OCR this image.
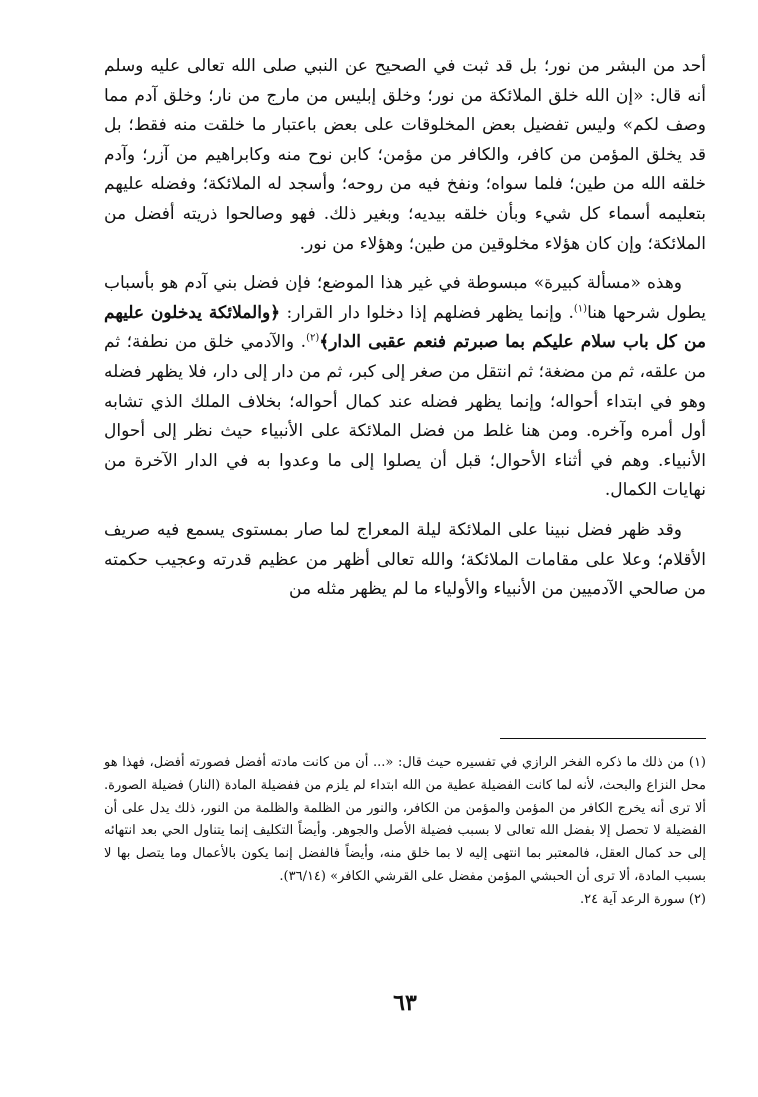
أحد من البشر من نور؛ بل قد ثبت في الصحيح عن النبي صلى الله تعالى عليه وسلم أنه قال: «إن الله خلق الملائكة من نور؛ وخلق إبليس من مارج من نار؛ وخلق آدم مما وصف لكم» وليس تفضيل بعض المخلوقات على بعض باعتبار ما خلقت منه فقط؛ بل قد يخلق المؤمن من كافر، والكافر من مؤمن؛ كابن نوح منه وكابراهيم من آزر؛ وآدم خلقه الله من طين؛ فلما سواه؛ ونفخ فيه من روحه؛ وأسجد له الملائكة؛ وفضله عليهم بتعليمه أسماء كل شيء وبأن خلقه بيديه؛ وبغير ذلك. فهو وصالحوا ذريته أفضل من الملائكة؛ وإن كان هؤلاء مخلوقين من طين؛ وهؤلاء من نور.

وهذه «مسألة كبيرة» مبسوطة في غير هذا الموضع؛ فإن فضل بني آدم هو بأسباب يطول شرحها هنا$^{(١)}$. وإنما يظهر فضلهم إذا دخلوا دار القرار: ﴿والملائكة يدخلون عليهم من كل باب سلام عليكم بما صبرتم فنعم عقبى الدار﴾$^{(٢)}$. والآدمي خلق من نطفة؛ ثم من علقه، ثم من مضغة؛ ثم انتقل من صغر إلى كبر، ثم من دار إلى دار، فلا يظهر فضله وهو في ابتداء أحواله؛ وإنما يظهر فضله عند كمال أحواله؛ بخلاف الملك الذي تشابه أول أمره وآخره. ومن هنا غلط من فضل الملائكة على الأنبياء حيث نظر إلى أحوال الأنبياء. وهم في أثناء الأحوال؛ قبل أن يصلوا إلى ما وعدوا به في الدار الآخرة من نهايات الكمال.

وقد ظهر فضل نبينا على الملائكة ليلة المعراج لما صار بمستوى يسمع فيه صريف الأقلام؛ وعلا على مقامات الملائكة؛ والله تعالى أظهر من عظيم قدرته وعجيب حكمته من صالحي الآدميين من الأنبياء والأولياء ما لم يظهر مثله من

(١) من ذلك ما ذكره الفخر الرازي في تفسيره حيث قال: «... أن من كانت مادته أفضل فصورته أفضل، فهذا هو محل النزاع والبحث، لأنه لما كانت الفضيلة عطية من الله ابتداء لم يلزم من ففضيلة المادة (النار) فضيلة الصورة. ألا ترى أنه يخرج الكافر من المؤمن والمؤمن من الكافر، والنور من الظلمة والظلمة من النور، ذلك يدل على أن الفضيلة لا تحصل إلا بفضل الله تعالى لا بسبب فضيلة الأصل والجوهر. وأيضاً التكليف إنما يتناول الحي بعد انتهائه إلى حد كمال العقل، فالمعتبر بما انتهى إليه لا بما خلق منه، وأيضاً فالفضل إنما يكون بالأعمال وما يتصل بها لا بسبب المادة، ألا ترى أن الحبشي المؤمن مفضل على القرشي الكافر» (٣٦/١٤).

(٢) سورة الرعد آية ٢٤.

٦٣
